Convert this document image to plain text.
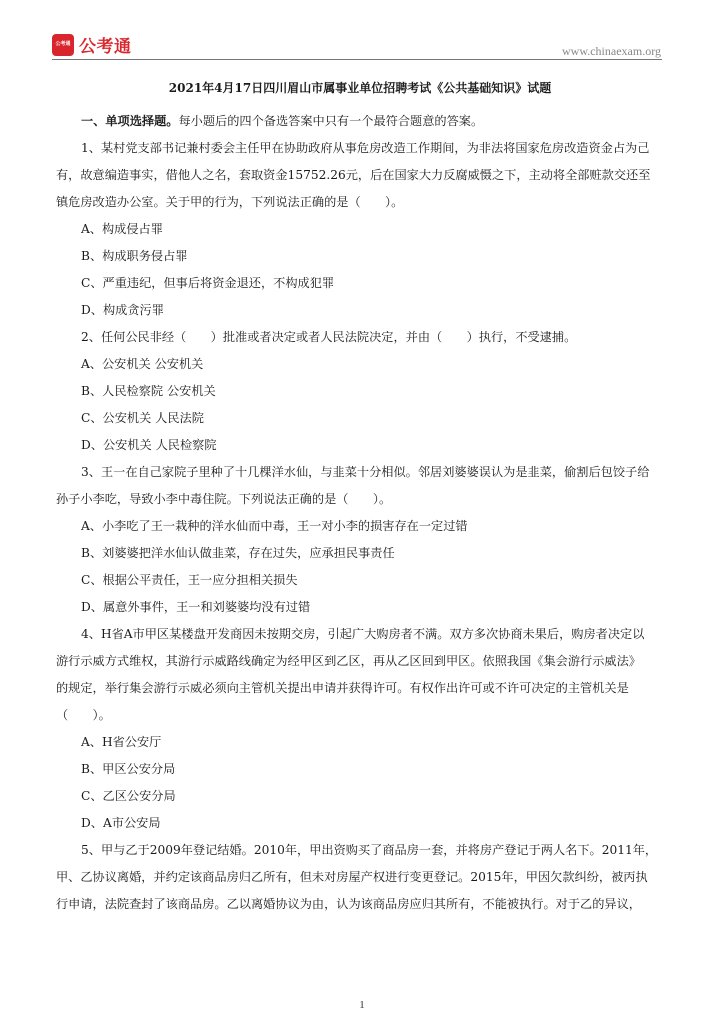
公考通 公考通	www.chinaexam.org

2021年4月17日四川眉山市属事业单位招聘考试《公共基础知识》试题

一、单项选择题。每小题后的四个备选答案中只有一个最符合题意的答案。

1、某村党支部书记兼村委会主任甲在协助政府从事危房改造工作期间，为非法将国家危房改造资金占为己

有，故意编造事实，借他人之名，套取资金15752.26元，后在国家大力反腐威慑之下，主动将全部赃款交还至

镇危房改造办公室。关于甲的行为，下列说法正确的是（　　）。

A、构成侵占罪

B、构成职务侵占罪

C、严重违纪，但事后将资金退还，不构成犯罪

D、构成贪污罪

2、任何公民非经（　　）批准或者决定或者人民法院决定，并由（　　）执行，不受逮捕。

A、公安机关 公安机关

B、人民检察院 公安机关

C、公安机关 人民法院

D、公安机关 人民检察院

3、王一在自己家院子里种了十几棵洋水仙，与韭菜十分相似。邻居刘婆婆误认为是韭菜，偷割后包饺子给

孙子小李吃，导致小李中毒住院。下列说法正确的是（　　）。

A、小李吃了王一栽种的洋水仙而中毒，王一对小李的损害存在一定过错

B、刘婆婆把洋水仙认做韭菜，存在过失，应承担民事责任

C、根据公平责任，王一应分担相关损失

D、属意外事件，王一和刘婆婆均没有过错

4、H省A市甲区某楼盘开发商因未按期交房，引起广大购房者不满。双方多次协商未果后，购房者决定以

游行示威方式维权，其游行示威路线确定为经甲区到乙区，再从乙区回到甲区。依照我国《集会游行示威法》

的规定，举行集会游行示威必须向主管机关提出申请并获得许可。有权作出许可或不许可决定的主管机关是

（　　）。

A、H省公安厅

B、甲区公安分局

C、乙区公安分局

D、A市公安局

5、甲与乙于2009年登记结婚。2010年，甲出资购买了商品房一套，并将房产登记于两人名下。2011年，

甲、乙协议离婚，并约定该商品房归乙所有，但未对房屋产权进行变更登记。2015年，甲因欠款纠纷，被丙执

行申请，法院查封了该商品房。乙以离婚协议为由，认为该商品房应归其所有，不能被执行。对于乙的异议，

1
